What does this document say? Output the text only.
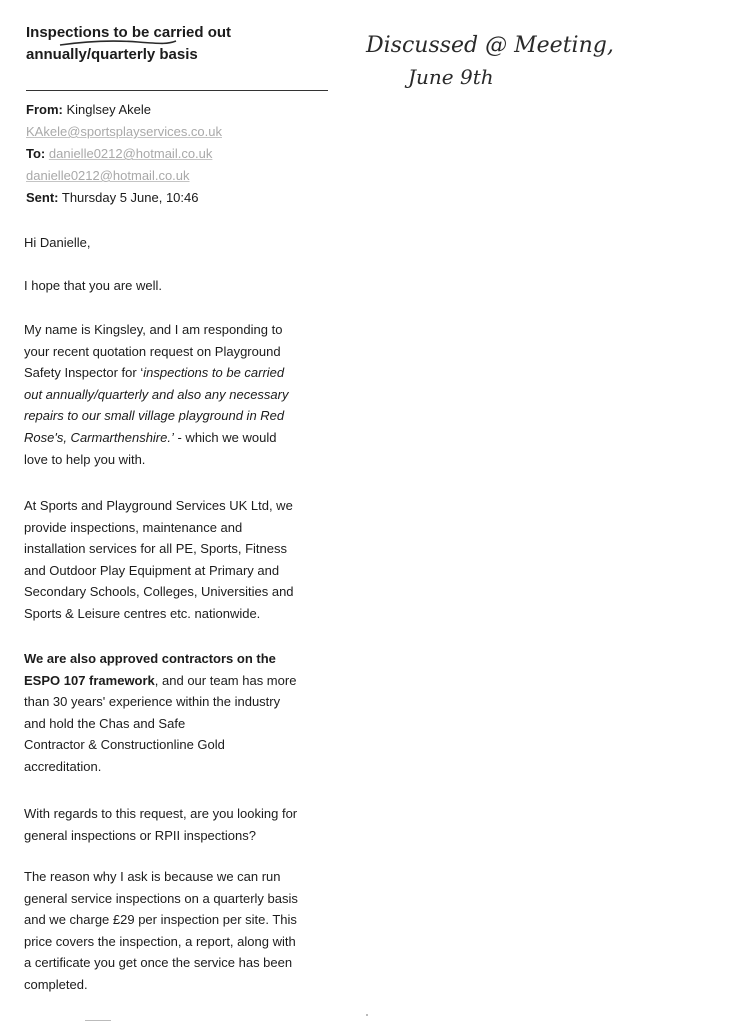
Inspections to be carried out
annually/quarterly basis
From: Kinglsey Akele
KAkele@sportsplayservices.co.uk
To: danielle0212@hotmail.co.uk
danielle0212@hotmail.co.uk
Sent: Thursday 5 June, 10:46
Discussed @ Meeting,
June 9th
Hi Danielle,
I hope that you are well.
My name is Kingsley, and I am responding to
your recent quotation request on Playground
Safety Inspector for ‘inspections to be carried
out annually/quarterly and also any necessary
repairs to our small village playground in Red
Rose's, Carmarthenshire.’ - which we would
love to help you with.
At Sports and Playground Services UK Ltd, we
provide inspections, maintenance and
installation services for all PE, Sports, Fitness
and Outdoor Play Equipment at Primary and
Secondary Schools, Colleges, Universities and
Sports & Leisure centres etc. nationwide.
We are also approved contractors on the
ESPO 107 framework, and our team has more
than 30 years' experience within the industry
and hold the Chas and Safe
Contractor & Constructionline Gold
accreditation.
With regards to this request, are you looking for
general inspections or RPII inspections?
The reason why I ask is because we can run
general service inspections on a quarterly basis
and we charge £29 per inspection per site. This
price covers the inspection, a report, along with
a certificate you get once the service has been
completed.
